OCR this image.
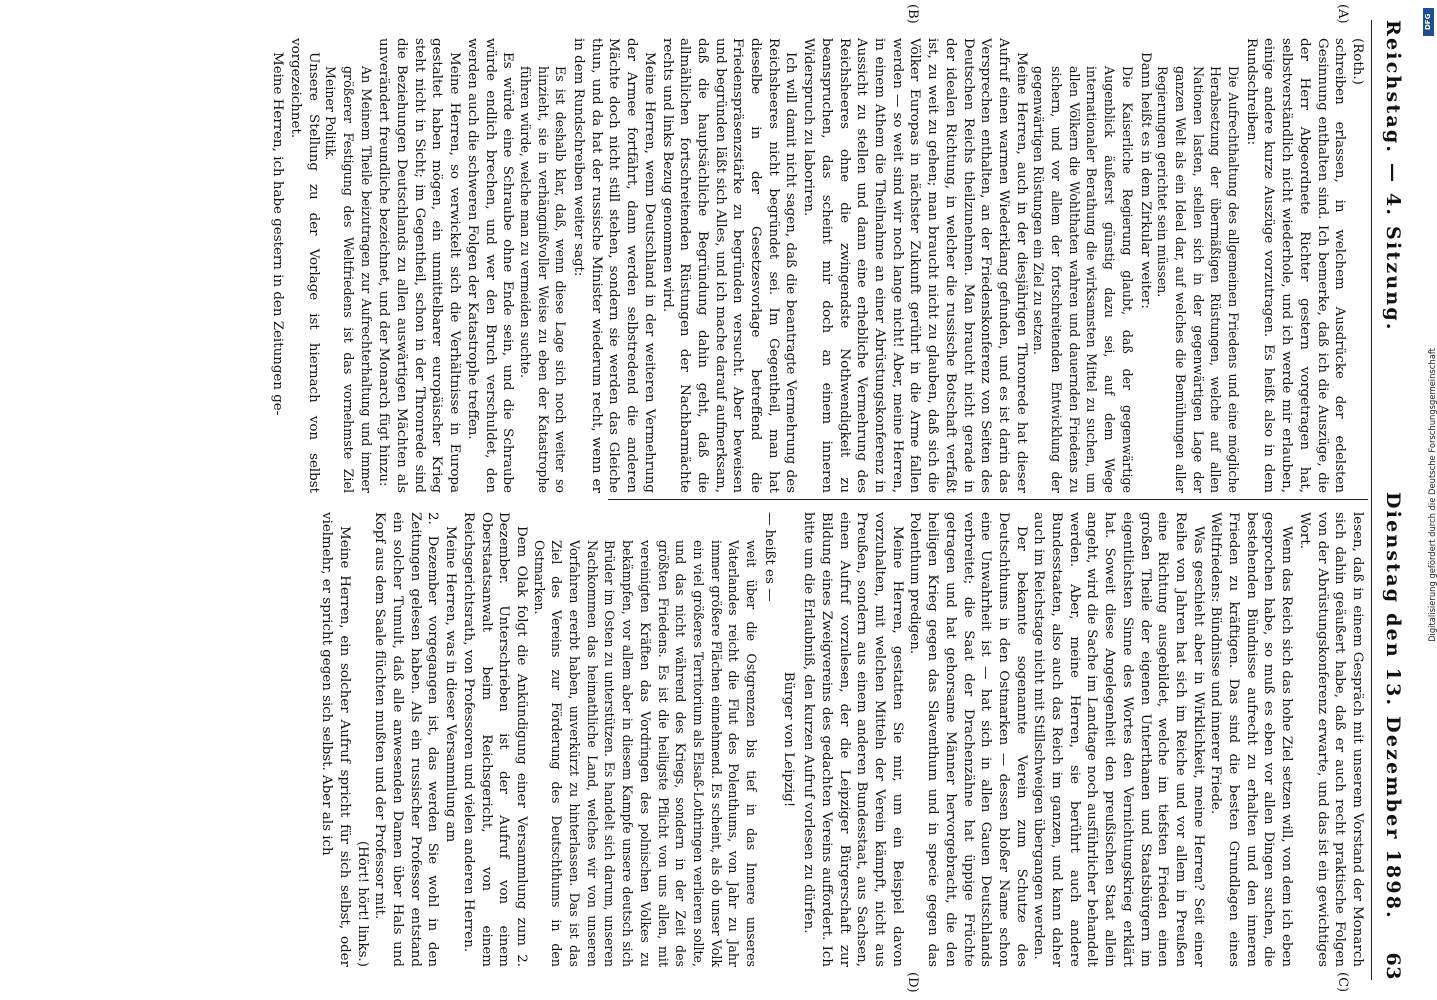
Reichstag. — 4. Sitzung.
Dienstag den 13. Dezember 1898.
63
(A)
(B)
(C)
(D)

(Roth.)

schreiben erlassen, in welchem Ausdrücke der edelsten Gesinnung enthalten sind. Ich bemerke, daß ich die Auszüge, die der Herr Abgeordnete Richter gestern vorgetragen hat, selbstverständlich nicht wiederhole, und ich werde mir erlauben, einige andere kurze Auszüge vorzutragen. Es heißt also in dem Rundschreiben:

Die Aufrechthaltung des allgemeinen Friedens und eine mögliche Herabsetzung der übermäßigen Rüstungen, welche auf allen Nationen lasten, stellen sich in der gegenwärtigen Lage der ganzen Welt als ein Ideal dar, auf welches die Bemühungen aller Regierungen gerichtet sein müssen.

Dann heißt es in dem Zirkular weiter:

Die Kaiserliche Regierung glaubt, daß der gegenwärtige Augenblick äußerst günstig dazu sei, auf dem Wege internationaler Berathung die wirksamsten Mittel zu suchen, um allen Völkern die Wohlthaten wahren und dauernden Friedens zu sichern, und vor allem der fortschreitenden Entwicklung der gegenwärtigen Rüstungen ein Ziel zu setzen.

Meine Herren, auch in der diesjährigen Thronrede hat dieser Aufruf einen warmen Wiederklang gefunden, und es ist darin das Versprechen enthalten, an der Friedenskonferenz von Seiten des Deutschen Reichs theilzunehmen. Man braucht nicht gerade in der idealen Richtung, in welcher die russische Botschaft verfaßt ist, zu weit zu gehen; man braucht nicht zu glauben, daß sich die Völker Europas in nächster Zukunft gerührt in die Arme fallen werden — so weit sind wir noch lange nicht! Aber, meine Herren, in einem Athem die Theilnahme an einer Abrüstungskonferenz in Aussicht zu stellen und dann eine erhebliche Vermehrung des Reichsheeres ohne die zwingendste Nothwendigkeit zu beanspruchen, das scheint mir doch an einem inneren Widerspruch zu laboriren.

Ich will damit nicht sagen, daß die beantragte Vermehrung des Reichsheeres nicht begründet sei. Im Gegentheil, man hat dieselbe in der Gesetzesvorlage betreffend die Friedenspräsenzstärke zu begründen versucht. Aber beweisen und begründen läßt sich Alles, und ich mache darauf aufmerksam, daß die hauptsächliche Begründung dahin geht, daß die allmählichen fortschreitenden Rüstungen der Nachbarmächte rechts und links Bezug genommen wird.

Meine Herren, wenn Deutschland in der weiteren Vermehrung der Armee fortfährt, dann werden selbstredend die anderen Mächte doch nicht still stehen, sondern sie werden das Gleiche thun, und da hat der russische Minister wiederum recht, wenn er in dem Rundschreiben weiter sagt:

Es ist deshalb klar, daß, wenn diese Lage sich noch weiter so hinzieht, sie in verhängnißvoller Weise zu eben der Katastrophe führen würde, welche man zu vermeiden suchte.

Es würde eine Schraube ohne Ende sein, und die Schraube würde endlich brechen, und wer den Bruch verschuldet, den werden auch die schweren Folgen der Katastrophe treffen.

Meine Herren, so verwickelt sich die Verhältnisse in Europa gestaltet haben mögen, ein unmittelbarer europäischer Krieg steht nicht in Sicht; im Gegentheil, schon in der Thronrede sind die Beziehungen Deutschlands zu allen auswärtigen Mächten als unverändert freundliche bezeichnet, und der Monarch fügt hinzu:

An Meinem Theile beizutragen zur Aufrechterhaltung und immer größerer Festigung des Weltfriedens ist das vornehmste Ziel Meiner Politik.

Unsere Stellung zu der Vorlage ist hiernach von selbst vorgezeichnet.

Meine Herren, ich habe gestern in den Zeitungen ge-

lesen, daß in einem Gespräch mit unserem Vorstand der Monarch sich dahin geäußert habe, daß er auch recht praktische Folgen von der Abrüstungskonferenz erwarte, und das ist ein gewichtiges Wort.

Wenn das Reich sich das hohe Ziel setzen will, von dem ich eben gesprochen habe, so muß es eben vor allen Dingen suchen, die bestehenden Bündnisse aufrecht zu erhalten und den inneren Frieden zu kräftigen. Das sind die besten Grundlagen eines Weltfriedens: Bündnisse und innerer Friede.

Was geschieht aber in Wirklichkeit, meine Herren? Seit einer Reihe von Jahren hat sich im Reiche und vor allem in Preußen eine Richtung ausgebildet, welche im tiefsten Frieden einen großen Theile der eigenen Unterthanen und Staatsbürgern im eigentlichsten Sinne des Wortes den Vernichtungskrieg erklärt hat. Soweit diese Angelegenheit den preußischen Staat allein angeht, wird die Sache im Landtage noch ausführlicher behandelt werden. Aber, meine Herren, sie berührt auch andere Bundesstaaten, also auch das Reich im ganzen, und kann daher auch im Reichstage nicht mit Stillschweigen übergangen werden.

Der bekannte sogenannte Verein zum Schutze des Deutschthums in den Ostmarken — dessen bloßer Name schon eine Unwahrheit ist — hat sich in allen Gauen Deutschlands verbreitet; die Saat der Drachenzähne hat üppige Früchte getragen und hat gehorsame Männer hervorgebracht, die den heiligen Krieg gegen das Slaventhum und in specie gegen das Polenthum predigen.

Meine Herren, gestatten Sie mir, um ein Beispiel davon vorzuhalten, mit welchen Mitteln der Verein kämpft, nicht aus Preußen, sondern aus einem anderen Bundesstaat, aus Sachsen, einen Aufruf vorzulesen, der die Leipziger Bürgerschaft zur Bildung eines Zweigvereins des gedachten Vereins auffordert. Ich bitte um die Erlaubniß, den kurzen Aufruf vorlesen zu dürfen.

Bürger von Leipzig!

— heißt es —

weit über die Ostgrenzen bis tief in das Innere unseres Vaterlandes reicht die Flut des Polenthums, von Jahr zu Jahr immer größere Flächen einnehmend. Es scheint, als ob unser Volk ein viel größeres Territorium als Elsaß-Lothringen verlieren sollte, und das nicht während des Kriegs, sondern in der Zeit des größten Friedens. Es ist die heiligste Pflicht von uns allen, mit vereinigten Kräften das Vordringen des polnischen Volkes zu bekämpfen, vor allem aber in diesem Kampfe unsere deutsch sich Brüder im Osten zu unterstützen. Es handelt sich darum, unseren Nachkommen das heimathliche Land, welches wir von unseren Vorfahren ererbt haben, unverkürzt zu hinterlassen. Das ist das Ziel des Vereins zur Förderung des Deutschthums in den Ostmarken.

Dem Olak folgt die Ankündigung einer Versammlung zum 2. Dezember. Unterschrieben ist der Aufruf von einem Oberstaatsanwalt beim Reichsgericht, von einem Reichsgerichtsrath, von Professoren und vielen anderen Herren.

Meine Herren, was in dieser Versammlung am

2. Dezember vorgegangen ist, das werden Sie wohl in den Zeitungen gelesen haben. Als ein russischer Professor entstand ein solcher Tumult, daß alle anwesenden Damen über Hals und Kopf aus dem Saale flüchten mußten und der Professor mit.

(Hört! hört! links.)

Meine Herren, ein solcher Aufruf spricht für sich selbst, oder vielmehr, er spricht gegen sich selbst. Aber als ich

DFG
Digitalisierung gefördert durch die Deutsche Forschungsgemeinschaft
